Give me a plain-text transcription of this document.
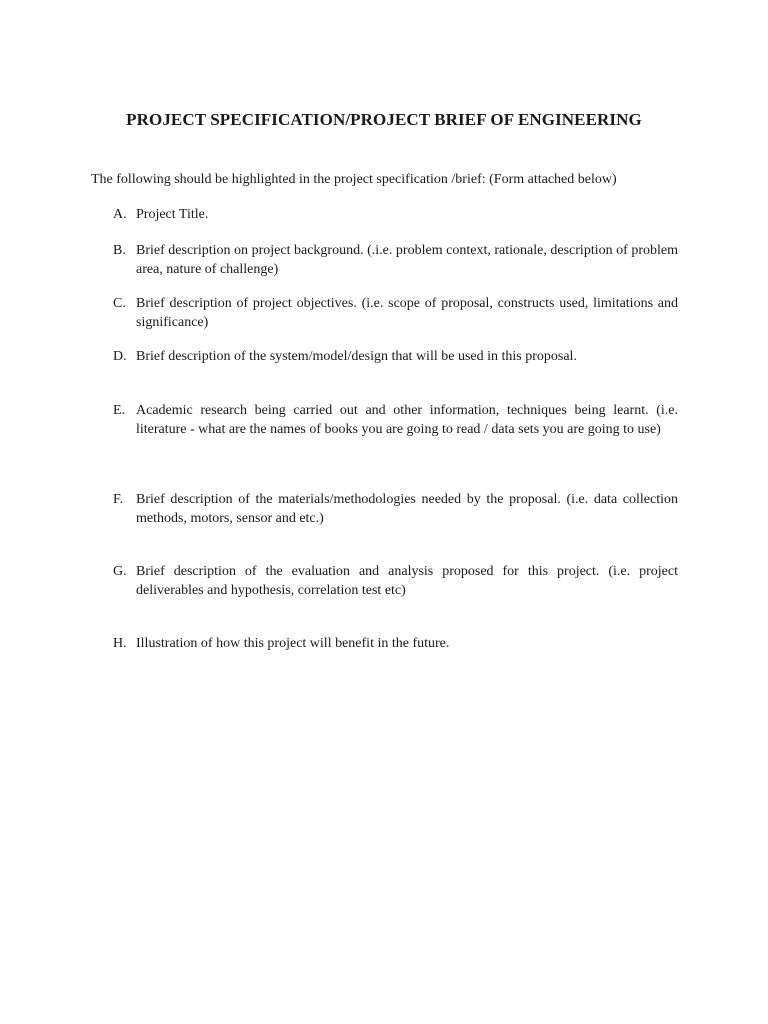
PROJECT SPECIFICATION/PROJECT BRIEF OF ENGINEERING

The following should be highlighted in the project specification /brief: (Form attached below)

A. Project Title.
B. Brief description on project background. (.i.e. problem context, rationale, description of problem area, nature of challenge)
C. Brief description of project objectives. (i.e. scope of proposal, constructs used, limitations and significance)
D. Brief description of the system/model/design that will be used in this proposal.
E. Academic research being carried out and other information, techniques being learnt. (i.e. literature - what are the names of books you are going to read / data sets you are going to use)
F. Brief description of the materials/methodologies needed by the proposal. (i.e. data collection methods, motors, sensor and etc.)
G. Brief description of the evaluation and analysis proposed for this project. (i.e. project deliverables and hypothesis, correlation test etc)
H. Illustration of how this project will benefit in the future.
